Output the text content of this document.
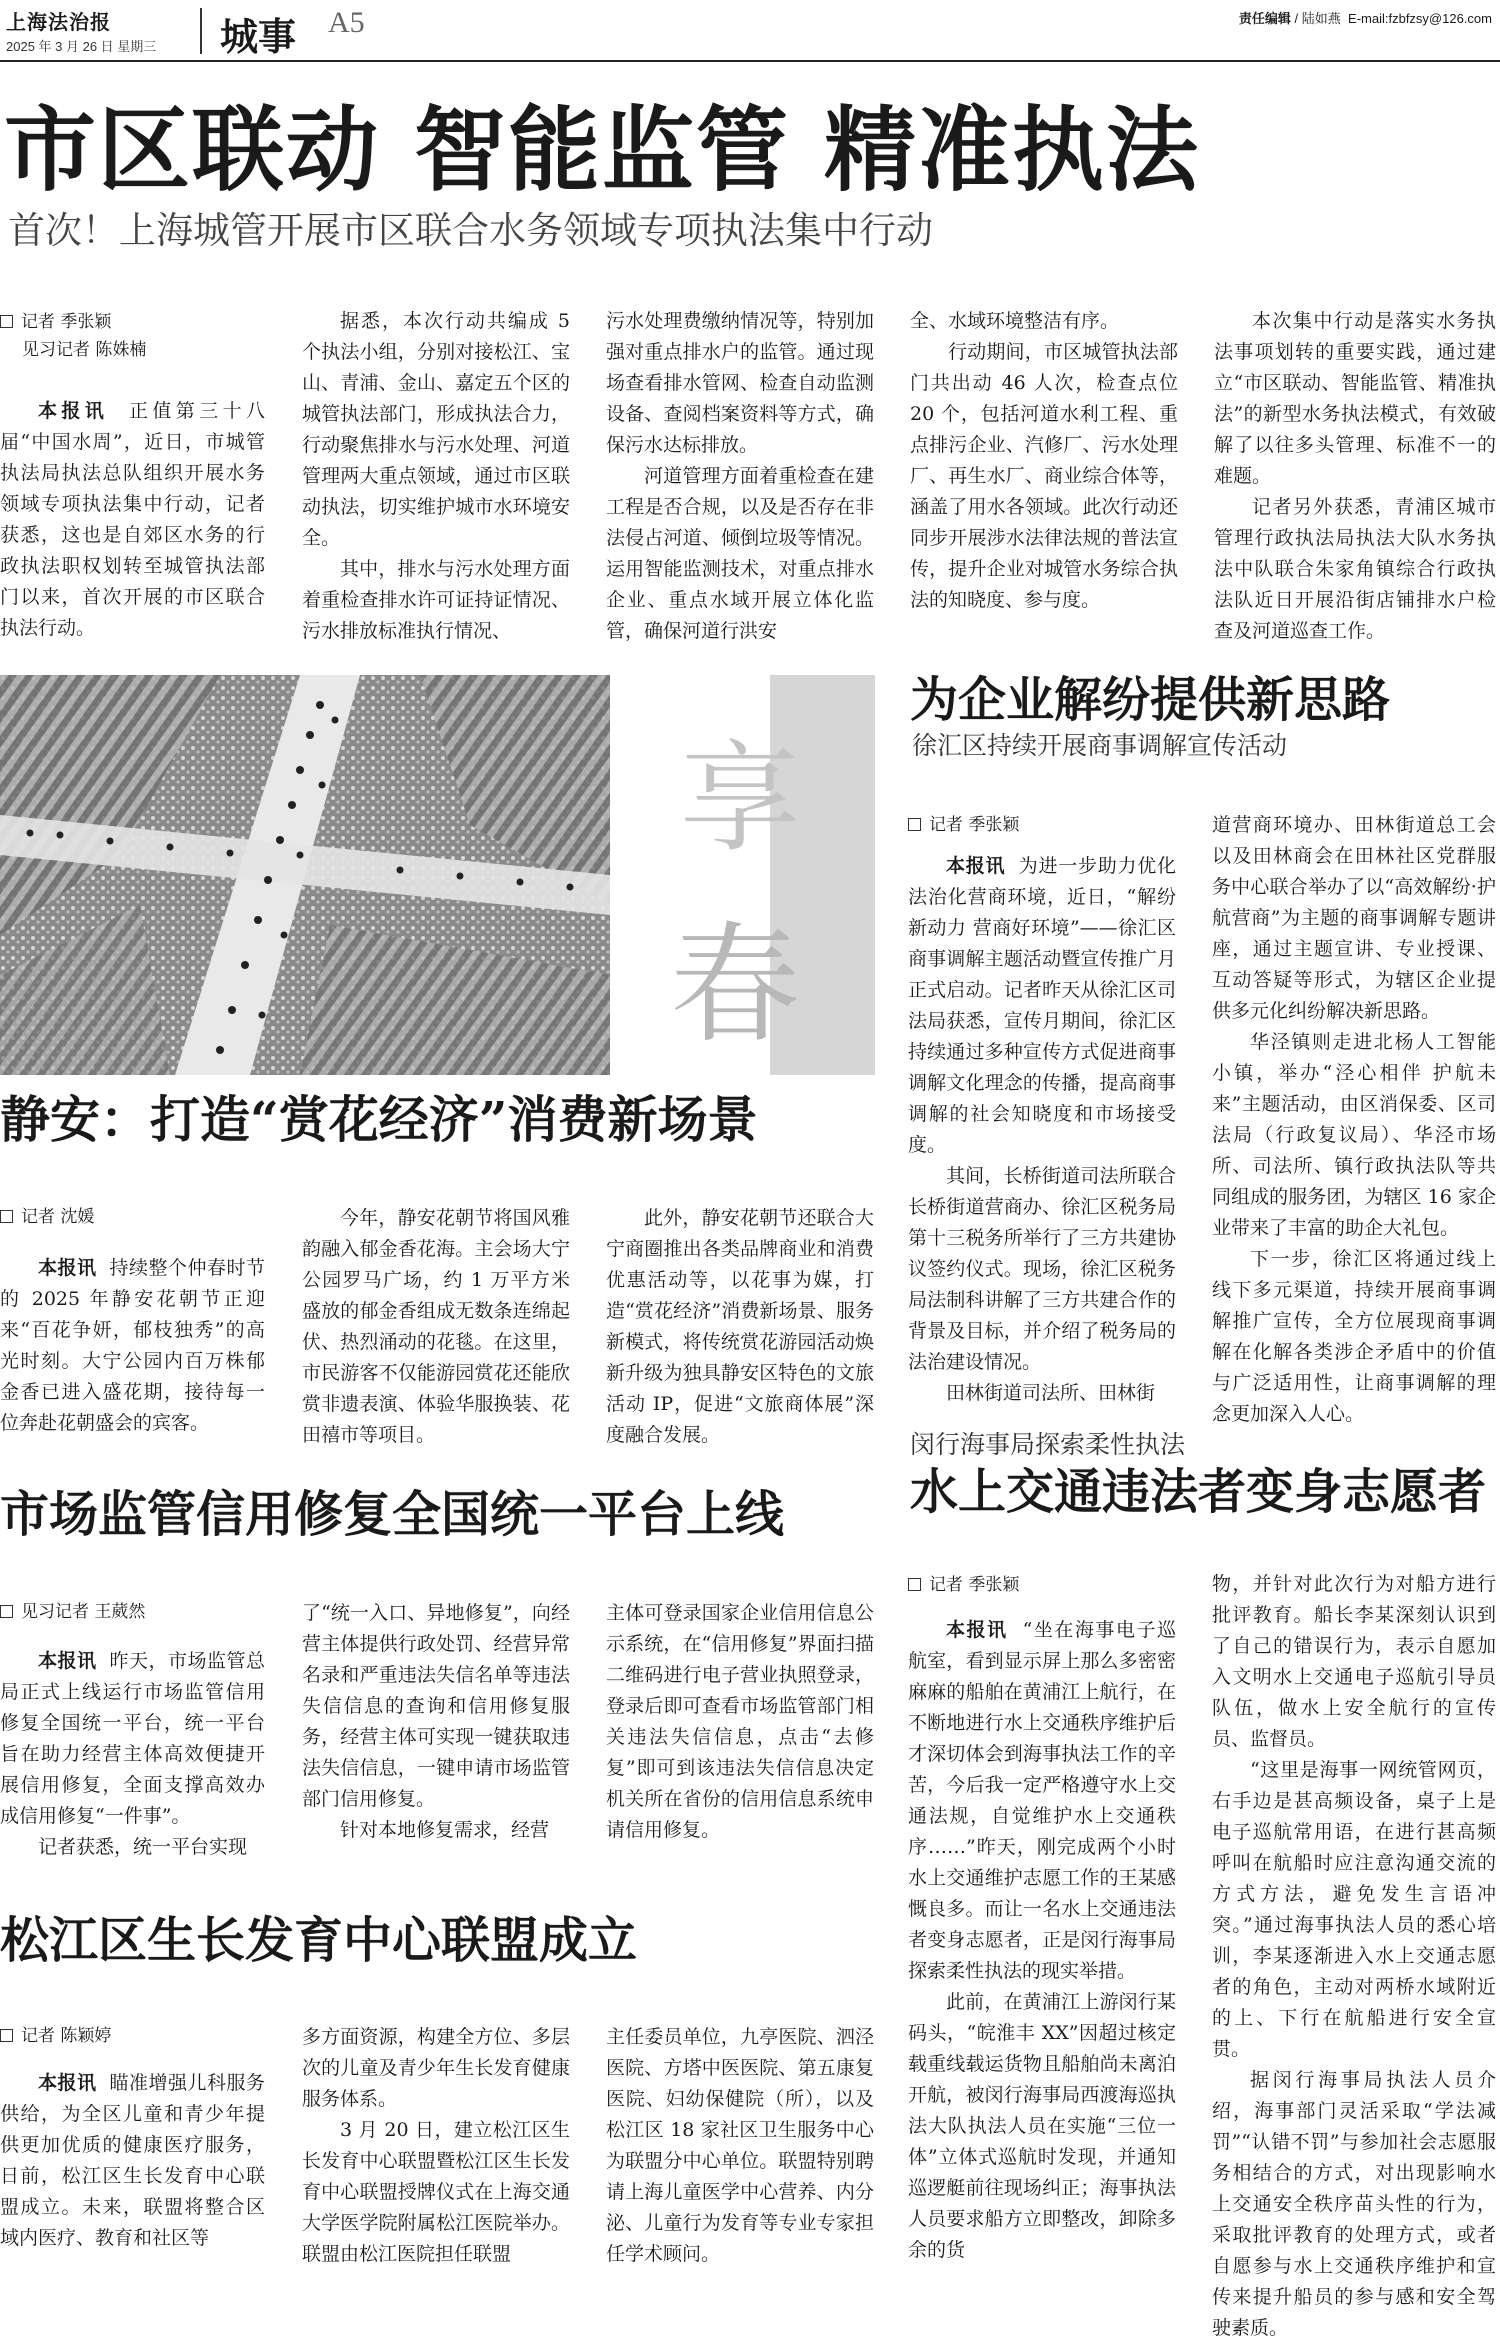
上海法治报
2025 年 3 月 26 日 星期三 城事 A5	责任编辑 / 陆如燕 E-mail:fzbfzsy@126.com
市区联动 智能监管 精准执法
首次！上海城管开展市区联合水务领域专项执法集中行动
记者 季张颖
见习记者 陈姝楠

本报讯 正值第三十八届“中国水周”，近日，市城管执法局执法总队组织开展水务领域专项执法集中行动，记者获悉，这也是自郊区水务的行政执法职权划转至城管执法部门以来，首次开展的市区联合执法行动。

据悉，本次行动共编成 5 个执法小组，分别对接松江、宝山、青浦、金山、嘉定五个区的城管执法部门，形成执法合力，行动聚焦排水与污水处理、河道管理两大重点领域，通过市区联动执法，切实维护城市水环境安全。

其中，排水与污水处理方面着重检查排水许可证持证情况、污水排放标准执行情况、

污水处理费缴纳情况等，特别加强对重点排水户的监管。通过现场查看排水管网、检查自动监测设备、查阅档案资料等方式，确保污水达标排放。

河道管理方面着重检查在建工程是否合规，以及是否存在非法侵占河道、倾倒垃圾等情况。运用智能监测技术，对重点排水企业、重点水域开展立体化监管，确保河道行洪安

全、水域环境整洁有序。

行动期间，市区城管执法部门共出动 46 人次，检查点位 20 个，包括河道水利工程、重点排污企业、汽修厂、污水处理厂、再生水厂、商业综合体等，涵盖了用水各领域。此次行动还同步开展涉水法律法规的普法宣传，提升企业对城管水务综合执法的知晓度、参与度。

本次集中行动是落实水务执法事项划转的重要实践，通过建立“市区联动、智能监管、精准执法”的新型水务执法模式，有效破解了以往多头管理、标准不一的难题。

记者另外获悉，青浦区城市管理行政执法局执法大队水务执法中队联合朱家角镇综合行政执法队近日开展沿街店铺排水户检查及河道巡查工作。

享
春
为企业解纷提供新思路
徐汇区持续开展商事调解宣传活动
记者 季张颖

本报讯 为进一步助力优化法治化营商环境，近日，“解纷新动力 营商好环境”——徐汇区商事调解主题活动暨宣传推广月正式启动。记者昨天从徐汇区司法局获悉，宣传月期间，徐汇区持续通过多种宣传方式促进商事调解文化理念的传播，提高商事调解的社会知晓度和市场接受度。

其间，长桥街道司法所联合长桥街道营商办、徐汇区税务局第十三税务所举行了三方共建协议签约仪式。现场，徐汇区税务局法制科讲解了三方共建合作的背景及目标，并介绍了税务局的法治建设情况。

田林街道司法所、田林街

道营商环境办、田林街道总工会以及田林商会在田林社区党群服务中心联合举办了以“高效解纷·护航营商”为主题的商事调解专题讲座，通过主题宣讲、专业授课、互动答疑等形式，为辖区企业提供多元化纠纷解决新思路。

华泾镇则走进北杨人工智能小镇，举办“泾心相伴 护航未来”主题活动，由区消保委、区司法局（行政复议局）、华泾市场所、司法所、镇行政执法队等共同组成的服务团，为辖区 16 家企业带来了丰富的助企大礼包。

下一步，徐汇区将通过线上线下多元渠道，持续开展商事调解推广宣传，全方位展现商事调解在化解各类涉企矛盾中的价值与广泛适用性，让商事调解的理念更加深入人心。

静安：打造“赏花经济”消费新场景
记者 沈媛

本报讯 持续整个仲春时节的 2025 年静安花朝节正迎来“百花争妍，郁枝独秀”的高光时刻。大宁公园内百万株郁金香已进入盛花期，接待每一位奔赴花朝盛会的宾客。

今年，静安花朝节将国风雅韵融入郁金香花海。主会场大宁公园罗马广场，约 1 万平方米盛放的郁金香组成无数条连绵起伏、热烈涌动的花毯。在这里，市民游客不仅能游园赏花还能欣赏非遗表演、体验华服换装、花田禧市等项目。

此外，静安花朝节还联合大宁商圈推出各类品牌商业和消费优惠活动等，以花事为媒，打造“赏花经济”消费新场景、服务新模式，将传统赏花游园活动焕新升级为独具静安区特色的文旅活动 IP，促进“文旅商体展”深度融合发展。	闵行海事局探索柔性执法
水上交通违法者变身志愿者
记者 季张颖

本报讯 “坐在海事电子巡航室，看到显示屏上那么多密密麻麻的船舶在黄浦江上航行，在不断地进行水上交通秩序维护后才深切体会到海事执法工作的辛苦，今后我一定严格遵守水上交通法规，自觉维护水上交通秩序……”昨天，刚完成两个小时水上交通维护志愿工作的王某感慨良多。而让一名水上交通违法者变身志愿者，正是闵行海事局探索柔性执法的现实举措。

此前，在黄浦江上游闵行某码头，“皖淮丰 XX”因超过核定载重线载运货物且船舶尚未离泊开航，被闵行海事局西渡海巡执法大队执法人员在实施“三位一体”立体式巡航时发现，并通知巡逻艇前往现场纠正；海事执法人员要求船方立即整改，卸除多余的货

物，并针对此次行为对船方进行批评教育。船长李某深刻认识到了自己的错误行为，表示自愿加入文明水上交通电子巡航引导员队伍，做水上安全航行的宣传员、监督员。

“这里是海事一网统管网页，右手边是甚高频设备，桌子上是电子巡航常用语，在进行甚高频呼叫在航船时应注意沟通交流的方式方法，避免发生言语冲突。”通过海事执法人员的悉心培训，李某逐渐进入水上交通志愿者的角色，主动对两桥水域附近的上、下行在航船进行安全宣贯。

据闵行海事局执法人员介绍，海事部门灵活采取“学法减罚”“认错不罚”与参加社会志愿服务相结合的方式，对出现影响水上交通安全秩序苗头性的行为，采取批评教育的处理方式，或者自愿参与水上交通秩序维护和宣传来提升船员的参与感和安全驾驶素质。

市场监管信用修复全国统一平台上线
见习记者 王葳然

本报讯 昨天，市场监管总局正式上线运行市场监管信用修复全国统一平台，统一平台旨在助力经营主体高效便捷开展信用修复，全面支撑高效办成信用修复“一件事”。

记者获悉，统一平台实现

了“统一入口、异地修复”，向经营主体提供行政处罚、经营异常名录和严重违法失信名单等违法失信信息的查询和信用修复服务，经营主体可实现一键获取违法失信信息，一键申请市场监管部门信用修复。

针对本地修复需求，经营

主体可登录国家企业信用信息公示系统，在“信用修复”界面扫描二维码进行电子营业执照登录，登录后即可查看市场监管部门相关违法失信信息，点击“去修复”即可到该违法失信信息决定机关所在省份的信用信息系统申请信用修复。

松江区生长发育中心联盟成立
记者 陈颖婷

本报讯 瞄准增强儿科服务供给，为全区儿童和青少年提供更加优质的健康医疗服务，日前，松江区生长发育中心联盟成立。未来，联盟将整合区域内医疗、教育和社区等

多方面资源，构建全方位、多层次的儿童及青少年生长发育健康服务体系。

3 月 20 日，建立松江区生长发育中心联盟暨松江区生长发育中心联盟授牌仪式在上海交通大学医学院附属松江医院举办。联盟由松江医院担任联盟

主任委员单位，九亭医院、泗泾医院、方塔中医医院、第五康复医院、妇幼保健院（所），以及松江区 18 家社区卫生服务中心为联盟分中心单位。联盟特别聘请上海儿童医学中心营养、内分泌、儿童行为发育等专业专家担任学术顾问。
